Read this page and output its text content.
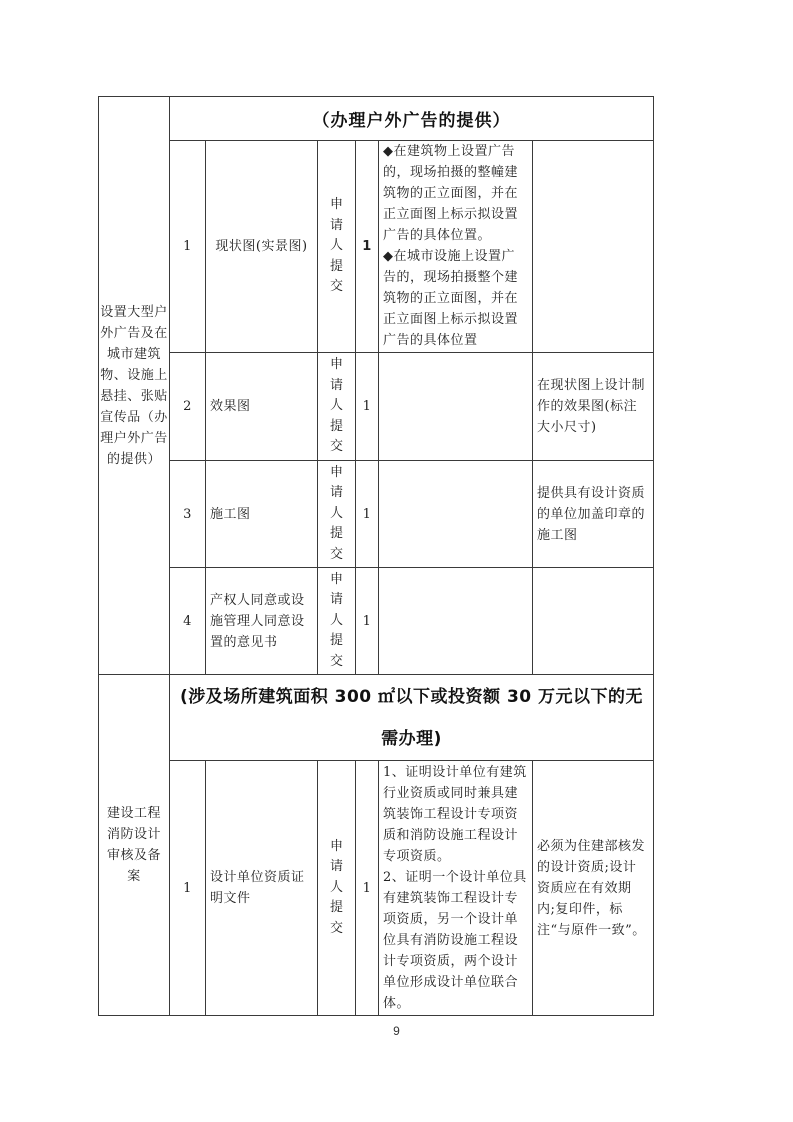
设置大型户外广告及在城市建筑物、设施上悬挂、张贴宣传品（办理户外广告的提供）
（办理户外广告的提供）
1 现状图(实景图)
申请人提交
1
◆在建筑物上设置广告的，现场拍摄的整幢建筑物的正立面图，并在正立面图上标示拟设置广告的具体位置。
◆在城市设施上设置广告的，现场拍摄整个建筑物的正立面图，并在正立面图上标示拟设置广告的具体位置
2	效果图
申请人提交
1
在现状图上设计制作的效果图(标注大小尺寸)
3	施工图
申请人提交
1
提供具有设计资质的单位加盖印章的施工图
4
产权人同意或设施管理人同意设置的意见书
申请人提交
1
建设工程消防设计审核及备案
(涉及场所建筑面积 300 ㎡以下或投资额 30 万元以下的无
需办理)
1
设计单位资质证明文件
申请人提交
1
1、证明设计单位有建筑行业资质或同时兼具建筑装饰工程设计专项资质和消防设施工程设计专项资质。
2、证明一个设计单位具有建筑装饰工程设计专项资质，另一个设计单位具有消防设施工程设计专项资质，两个设计单位形成设计单位联合体。
必须为住建部核发的设计资质;设计资质应在有效期内;复印件，标注“与原件一致”。
9
